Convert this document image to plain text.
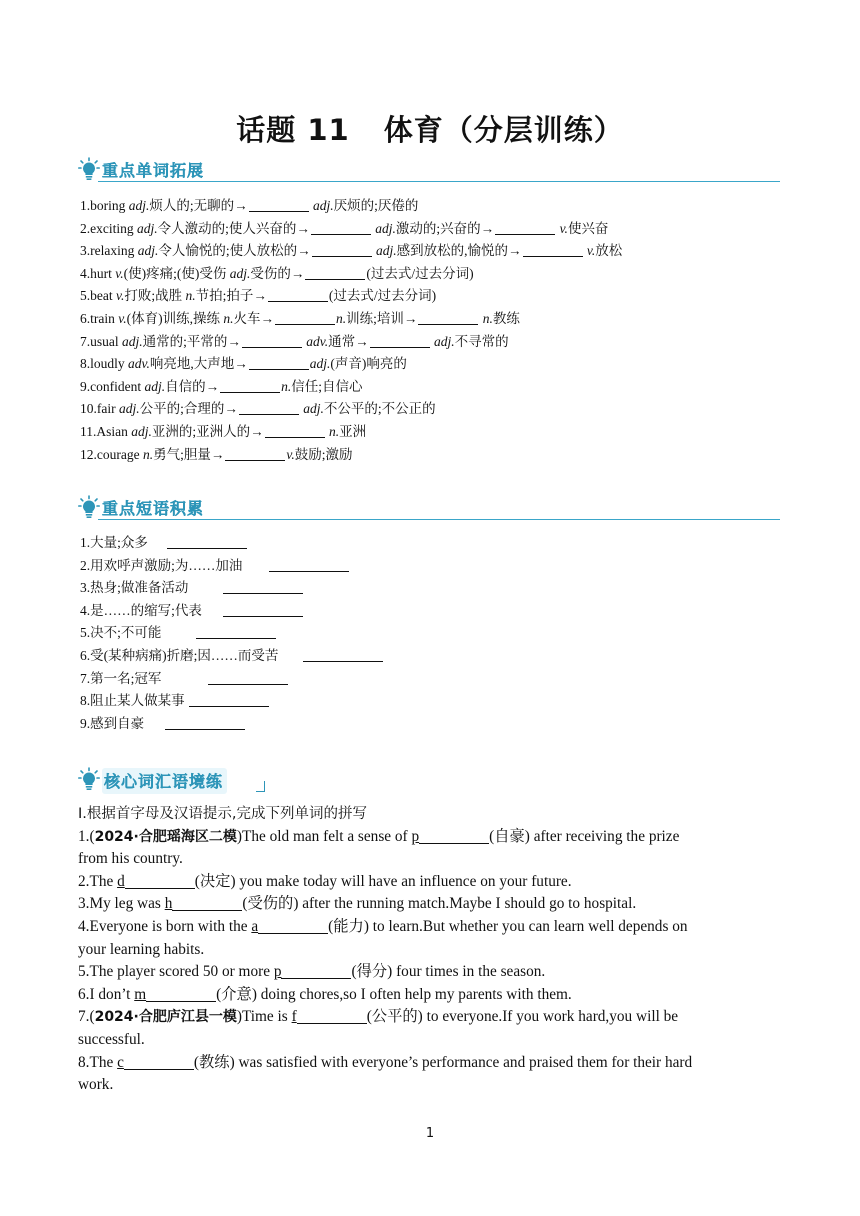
话题 11 体育（分层训练）
重点单词拓展
1.boring adj.烦人的;无聊的→	adj.厌烦的;厌倦的
2.exciting adj.令人激动的;使人兴奋的→	adj.激动的;兴奋的→	v.使兴奋
3.relaxing adj.令人愉悦的;使人放松的→	adj.感到放松的,愉悦的→	v.放松
4.hurt v.(使)疼痛;(使)受伤 adj.受伤的→	(过去式/过去分词)
5.beat v.打败;战胜 n.节拍;拍子→	(过去式/过去分词)
6.train v.(体育)训练,操练 n.火车→	n.训练;培训→	n.教练
7.usual adj.通常的;平常的→	adv.通常→	adj.不寻常的
8.loudly adv.响亮地,大声地→	adj.(声音)响亮的
9.confident adj.自信的→	n.信任;自信心
10.fair adj.公平的;合理的→	adj.不公平的;不公正的
11.Asian adj.亚洲的;亚洲人的→	n.亚洲
12.courage n.勇气;胆量→	v.鼓励;激励
重点短语积累
1.大量;众多
2.用欢呼声激励;为……加油
3.热身;做准备活动
4.是……的缩写;代表
5.决不;不可能
6.受(某种病痛)折磨;因……而受苦
7.第一名;冠军
8.阻止某人做某事
9.感到自豪
核心词汇语境练

Ⅰ.根据首字母及汉语提示,完成下列单词的拼写

1.(2024·合肥瑶海区二模)The old man felt a sense of p	(自豪) after receiving the prize
from his country.

2.The d	(决定) you make today will have an influence on your future.

3.My leg was h	(受伤的) after the running match.Maybe I should go to hospital.

4.Everyone is born with the a	(能力) to learn.But whether you can learn well depends on
your learning habits.

5.The player scored 50 or more p	(得分) four times in the season.

6.I don’t m	(介意) doing chores,so I often help my parents with them.

7.(2024·合肥庐江县一模)Time is f	(公平的) to everyone.If you work hard,you will be
successful.

8.The c	(教练) was satisfied with everyone’s performance and praised them for their hard
work.

1
